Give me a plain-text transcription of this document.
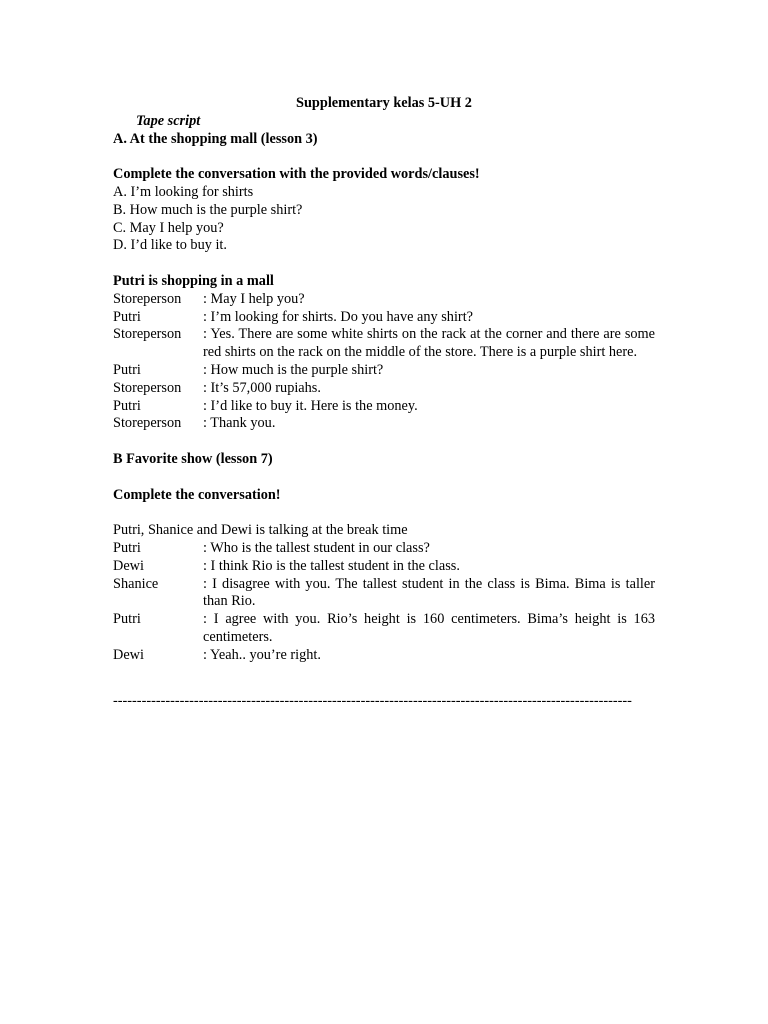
Supplementary kelas 5-UH 2

Tape script

A. At the shopping mall (lesson 3)

Complete the conversation with the provided words/clauses!

A. I’m looking for shirts

B. How much is the purple shirt?

C. May I help you?

D. I’d like to buy it.

Putri is shopping in a mall

Storeperson	: May I help you?
Putri	: I’m looking for shirts. Do you have any shirt?
Storeperson	: Yes. There are some white shirts on the rack at the corner and there are some red shirts on the rack on the middle of the store. There is a purple shirt here.
Putri	: How much is the purple shirt?
Storeperson	: It’s 57,000 rupiahs.
Putri	: I’d like to buy it. Here is the money.
Storeperson	: Thank you.

B Favorite show (lesson 7)

Complete the conversation!

Putri, Shanice and Dewi is talking at the break time

Putri	: Who is the tallest student in our class?
Dewi	: I think Rio is the tallest student in the class.
Shanice	: I disagree with you. The tallest student in the class is Bima. Bima is taller than Rio.
Putri	: I agree with you. Rio’s height is 160 centimeters. Bima’s height is 163 centimeters.
Dewi	: Yeah.. you’re right.
-------------------------------------------------------------------------------------------------------------
